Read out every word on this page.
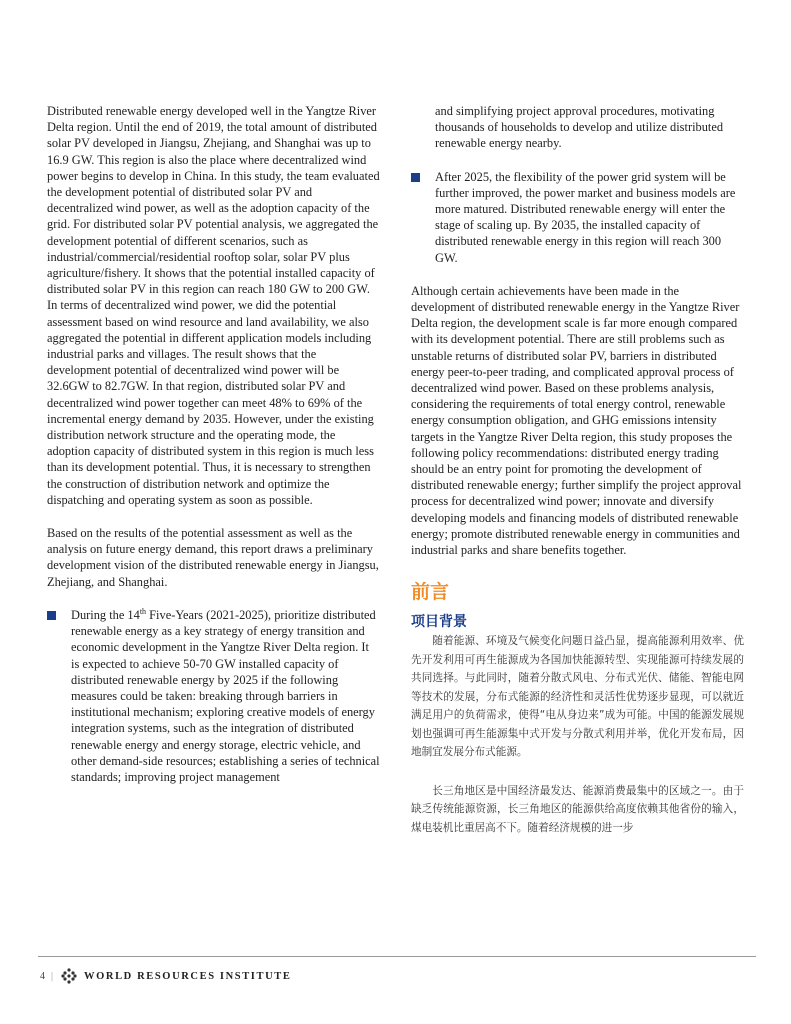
Distributed renewable energy developed well in the Yangtze River Delta region. Until the end of 2019, the total amount of distributed solar PV developed in Jiangsu, Zhejiang, and Shanghai was up to 16.9 GW. This region is also the place where decentralized wind power begins to develop in China. In this study, the team evaluated the development potential of distributed solar PV and decentralized wind power, as well as the adoption capacity of the grid. For distributed solar PV potential analysis, we aggregated the development potential of different scenarios, such as industrial/commercial/residential rooftop solar, solar PV plus agriculture/fishery. It shows that the potential installed capacity of distributed solar PV in this region can reach 180 GW to 200 GW. In terms of decentralized wind power, we did the potential assessment based on wind resource and land availability, we also aggregated the potential in different application models including industrial parks and villages. The result shows that the development potential of decentralized wind power will be 32.6GW to 82.7GW. In that region, distributed solar PV and decentralized wind power together can meet 48% to 69% of the incremental energy demand by 2035. However, under the existing distribution network structure and the operating mode, the adoption capacity of distributed system in this region is much less than its development potential. Thus, it is necessary to strengthen the construction of distribution network and optimize the dispatching and operating system as soon as possible.

Based on the results of the potential assessment as well as the analysis on future energy demand, this report draws a preliminary development vision of the distributed renewable energy in Jiangsu, Zhejiang, and Shanghai.

During the 14th Five-Years (2021-2025), prioritize distributed renewable energy as a key strategy of energy transition and economic development in the Yangtze River Delta region. It is expected to achieve 50-70 GW installed capacity of distributed renewable energy by 2025 if the following measures could be taken: breaking through barriers in institutional mechanism; exploring creative models of energy integration systems, such as the integration of distributed renewable energy and energy storage, electric vehicle, and other demand-side resources; establishing a series of technical standards; improving project management

and simplifying project approval procedures, motivating thousands of households to develop and utilize distributed renewable energy nearby.

After 2025, the flexibility of the power grid system will be further improved, the power market and business models are more matured. Distributed renewable energy will enter the stage of scaling up. By 2035, the installed capacity of distributed renewable energy in this region will reach 300 GW.

Although certain achievements have been made in the development of distributed renewable energy in the Yangtze River Delta region, the development scale is far more enough compared with its development potential. There are still problems such as unstable returns of distributed solar PV, barriers in distributed energy peer-to-peer trading, and complicated approval process of decentralized wind power. Based on these problems analysis, considering the requirements of total energy control, renewable energy consumption obligation, and GHG emissions intensity targets in the Yangtze River Delta region, this study proposes the following policy recommendations: distributed energy trading should be an entry point for promoting the development of distributed renewable energy; further simplify the project approval process for decentralized wind power; innovate and diversify developing models and financing models of distributed renewable energy; promote distributed renewable energy in communities and industrial parks and share benefits together.

前言
项目背景

随着能源、环境及气候变化问题日益凸显，提高能源利用效率、优先开发利用可再生能源成为各国加快能源转型、实现能源可持续发展的共同选择。与此同时，随着分散式风电、分布式光伏、储能、智能电网等技术的发展，分布式能源的经济性和灵活性优势逐步显现，可以就近满足用户的负荷需求，使得“电从身边来”成为可能。中国的能源发展规划也强调可再生能源集中式开发与分散式利用并举，优化开发布局，因地制宜发展分布式能源。

长三角地区是中国经济最发达、能源消费最集中的区域之一。由于缺乏传统能源资源，长三角地区的能源供给高度依赖其他省份的输入，煤电装机比重居高不下。随着经济规模的进一步

4 |	WORLD RESOURCES INSTITUTE
